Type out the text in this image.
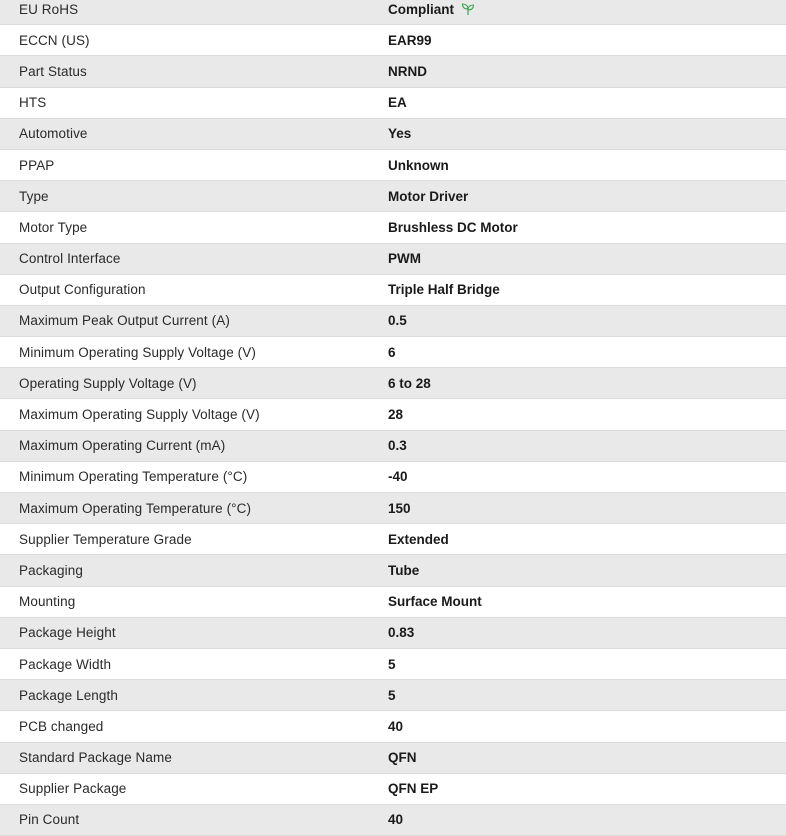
EU RoHS	Compliant
ECCN (US)	EAR99
Part Status	NRND
HTS	EA
Automotive	Yes
PPAP	Unknown
Type	Motor Driver
Motor Type	Brushless DC Motor
Control Interface	PWM
Output Configuration	Triple Half Bridge
Maximum Peak Output Current (A)	0.5
Minimum Operating Supply Voltage (V)	6
Operating Supply Voltage (V)	6 to 28
Maximum Operating Supply Voltage (V)	28
Maximum Operating Current (mA)	0.3
Minimum Operating Temperature (°C)	-40
Maximum Operating Temperature (°C)	150
Supplier Temperature Grade	Extended
Packaging	Tube
Mounting	Surface Mount
Package Height	0.83
Package Width	5
Package Length	5
PCB changed	40
Standard Package Name	QFN
Supplier Package	QFN EP
Pin Count	40
